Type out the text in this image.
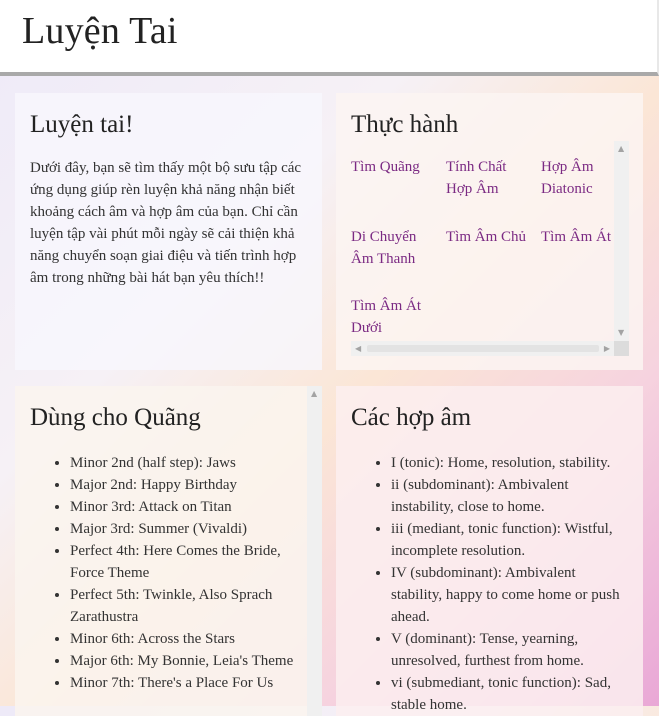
Luyện Tai
Luyện tai!

Dưới đây, bạn sẽ tìm thấy một bộ sưu tập các ứng dụng giúp rèn luyện khả năng nhận biết khoảng cách âm và hợp âm của bạn. Chỉ cần luyện tập vài phút mỗi ngày sẽ cải thiện khả năng chuyển soạn giai điệu và tiến trình hợp âm trong những bài hát bạn yêu thích!!

Thực hành
Tìm Quãng	Tính Chất Hợp Âm
Hợp Âm Diatonic
Di Chuyển Âm Thanh
Tìm Âm Chủ Tìm Âm Át
Tìm Âm Át Dưới
▲
▼
◀	▶
Dùng cho Quãng
• Minor 2nd (half step): Jaws
• Major 2nd: Happy Birthday
• Minor 3rd: Attack on Titan
• Major 3rd: Summer (Vivaldi)
• Perfect 4th: Here Comes the Bride, Force Theme
• Perfect 5th: Twinkle, Also Sprach Zarathustra
• Minor 6th: Across the Stars
• Major 6th: My Bonnie, Leia's Theme
• Minor 7th: There's a Place For Us
▲
Các hợp âm
• I (tonic): Home, resolution, stability.
• ii (subdominant): Ambivalent instability, close to home.
• iii (mediant, tonic function): Wistful, incomplete resolution.
• IV (subdominant): Ambivalent stability, happy to come home or push ahead.
• V (dominant): Tense, yearning, unresolved, furthest from home.
• vi (submediant, tonic function): Sad, stable home.
